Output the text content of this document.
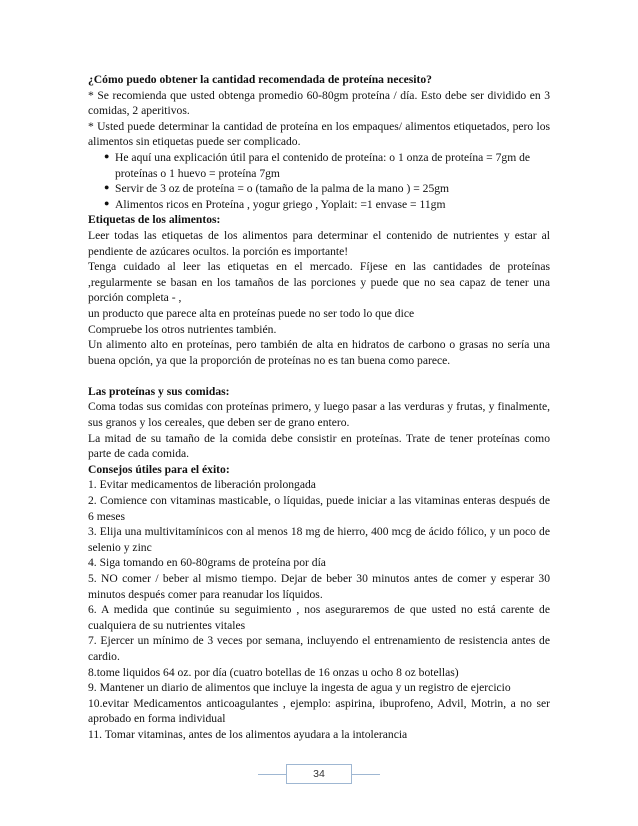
¿Cómo puedo obtener la cantidad recomendada de proteína necesito?

* Se recomienda que usted obtenga promedio 60-80gm proteína / día. Esto debe ser dividido en 3 comidas, 2 aperitivos.

* Usted puede determinar la cantidad de proteína en los empaques/ alimentos etiquetados, pero los alimentos sin etiquetas puede ser complicado.

● He aquí una explicación útil para el contenido de proteína: o 1 onza de proteína = 7gm de proteínas o 1 huevo = proteína 7gm
● Servir de 3 oz de proteína = o (tamaño de la palma de la mano ) = 25gm
● Alimentos ricos en Proteína , yogur griego , Yoplait: =1 envase = 11gm

Etiquetas de los alimentos:

Leer todas las etiquetas de los alimentos para determinar el contenido de nutrientes y estar al pendiente de azúcares ocultos. la porción es importante!

Tenga cuidado al leer las etiquetas en el mercado. Fíjese en las cantidades de proteínas ,regularmente se basan en los tamaños de las porciones y puede que no sea capaz de tener una porción completa - ,

un producto que parece alta en proteínas puede no ser todo lo que dice

Compruebe los otros nutrientes también.

Un alimento alto en proteínas, pero también de alta en hidratos de carbono o grasas no sería una buena opción, ya que la proporción de proteínas no es tan buena como parece.

Las proteínas y sus comidas:

Coma todas sus comidas con proteínas primero, y luego pasar a las verduras y frutas, y finalmente, sus granos y los cereales, que deben ser de grano entero.

La mitad de su tamaño de la comida debe consistir en proteínas. Trate de tener proteínas como parte de cada comida.

Consejos útiles para el éxito:

1. Evitar medicamentos de liberación prolongada

2. Comience con vitaminas masticable, o líquidas, puede iniciar a las vitaminas enteras después de 6 meses

3. Elija una multivitamínicos con al menos 18 mg de hierro, 400 mcg de ácido fólico, y un poco de selenio y zinc

4. Siga tomando en 60-80grams de proteína por día

5. NO comer / beber al mismo tiempo. Dejar de beber 30 minutos antes de comer y esperar 30 minutos después comer para reanudar los líquidos.

6. A medida que continúe su seguimiento , nos aseguraremos de que usted no está carente de cualquiera de su nutrientes vitales

7. Ejercer un mínimo de 3 veces por semana, incluyendo el entrenamiento de resistencia antes de cardio.

8.tome liquidos 64 oz. por día (cuatro botellas de 16 onzas u ocho 8 oz botellas)

9. Mantener un diario de alimentos que incluye la ingesta de agua y un registro de ejercicio

10.evitar Medicamentos anticoagulantes , ejemplo: aspirina, ibuprofeno, Advil, Motrin, a no ser aprobado en forma individual

11. Tomar vitaminas, antes de los alimentos ayudara a la intolerancia

34
